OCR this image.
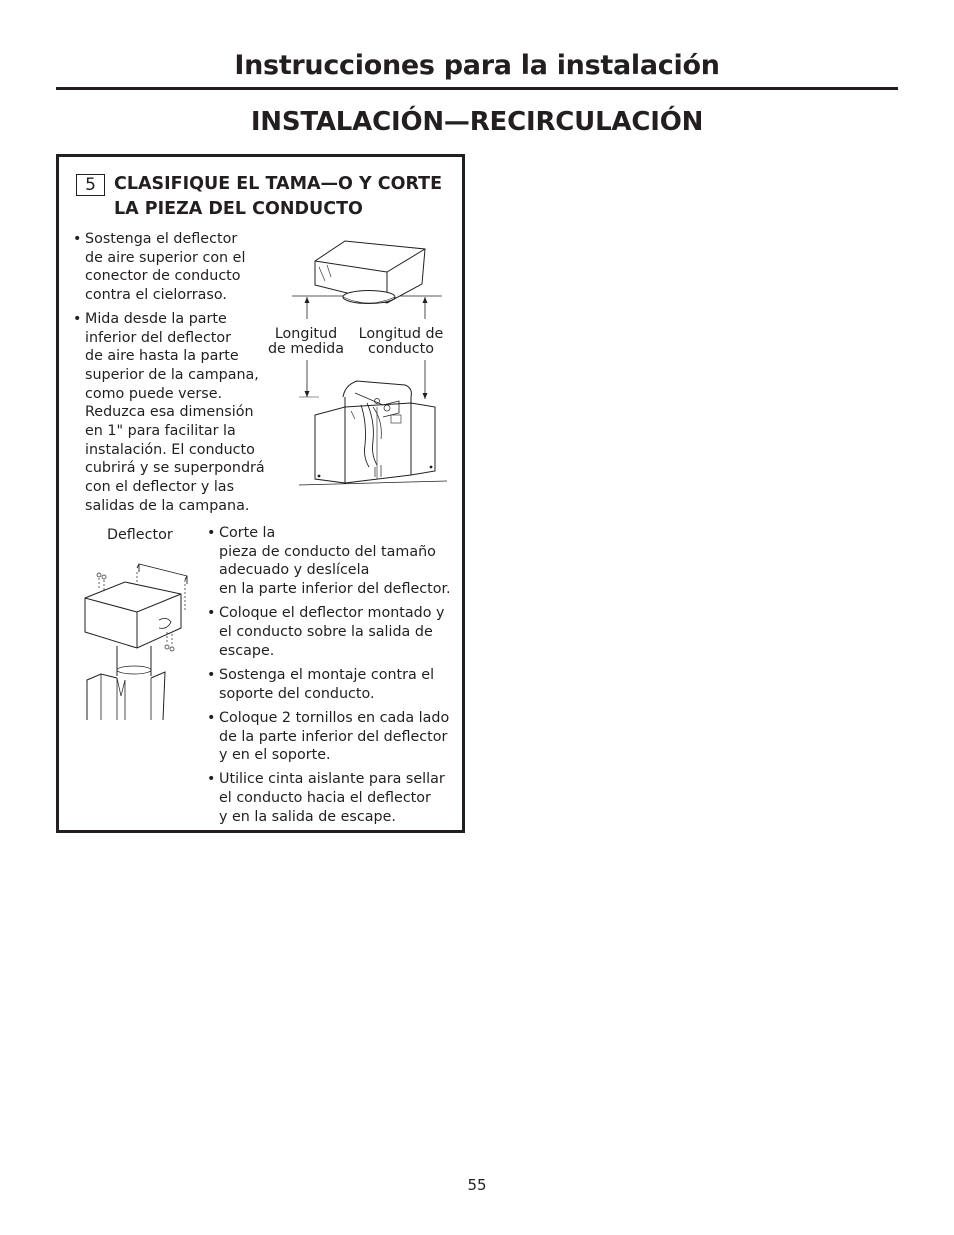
Instrucciones para la instalación
INSTALACIÓN—RECIRCULACIÓN
5	CLASIFIQUE EL TAMA—O Y CORTE
LA PIEZA DEL CONDUCTO
• Sostenga el deflector
de aire superior con el
conector de conducto
contra el cielorraso.
• Mida desde la parte
inferior del deflector
de aire hasta la parte
superior de la campana,
como puede verse.
Reduzca esa dimensión
en 1" para facilitar la
instalación. El conducto
cubrirá y se superpondrá
con el deflector y las
salidas de la campana.
Longitud
de medida
Longitud de
conducto
Deflector	• Corte la
pieza de conducto del tamaño
adecuado y deslícela
en la parte inferior del deflector.
• Coloque el deflector montado y
el conducto sobre la salida de
escape.
• Sostenga el montaje contra el
soporte del conducto.
• Coloque 2 tornillos en cada lado
de la parte inferior del deflector
y en el soporte.
• Utilice cinta aislante para sellar
el conducto hacia el deflector
y en la salida de escape.
55
